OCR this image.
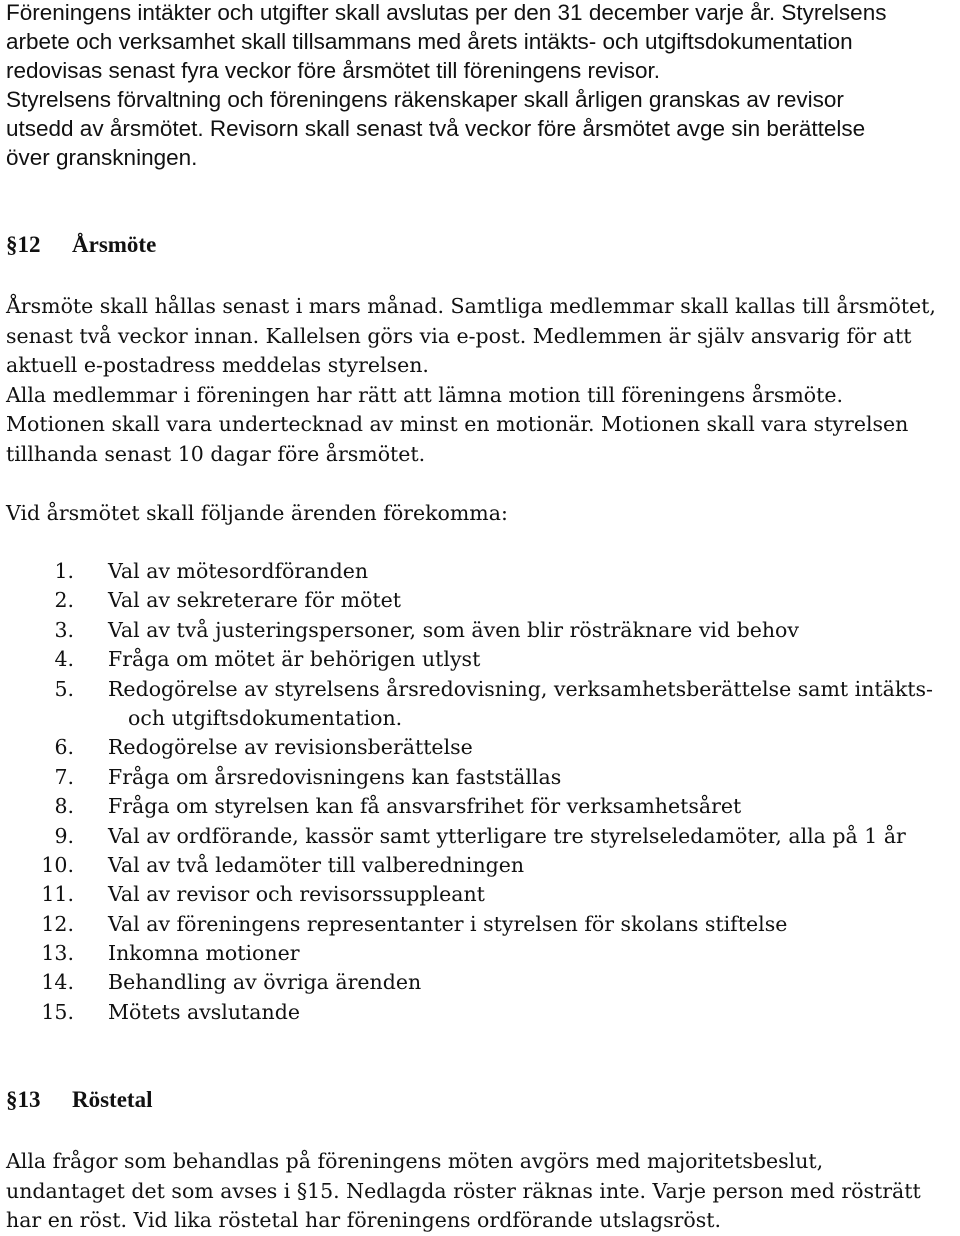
Föreningens intäkter och utgifter skall avslutas per den 31 december varje år. Styrelsens
arbete och verksamhet skall tillsammans med årets intäkts- och utgiftsdokumentation
redovisas senast fyra veckor före årsmötet till föreningens revisor.
Styrelsens förvaltning och föreningens räkenskaper skall årligen granskas av revisor
utsedd av årsmötet. Revisorn skall senast två veckor före årsmötet avge sin berättelse
över granskningen.
§12 Årsmöte
Årsmöte skall hållas senast i mars månad. Samtliga medlemmar skall kallas till årsmötet,
senast två veckor innan. Kallelsen görs via e-post. Medlemmen är själv ansvarig för att
aktuell e-postadress meddelas styrelsen.
Alla medlemmar i föreningen har rätt att lämna motion till föreningens årsmöte.
Motionen skall vara undertecknad av minst en motionär. Motionen skall vara styrelsen
tillhanda senast 10 dagar före årsmötet.
Vid årsmötet skall följande ärenden förekomma:
1. Val av mötesordföranden
2. Val av sekreterare för mötet
3. Val av två justeringspersoner, som även blir rösträknare vid behov
4. Fråga om mötet är behörigen utlyst
5. Redogörelse av styrelsens årsredovisning, verksamhetsberättelse samt intäkts-
och utgiftsdokumentation.
6. Redogörelse av revisionsberättelse
7. Fråga om årsredovisningens kan fastställas
8. Fråga om styrelsen kan få ansvarsfrihet för verksamhetsåret
9. Val av ordförande, kassör samt ytterligare tre styrelseledamöter, alla på 1 år
10. Val av två ledamöter till valberedningen
11. Val av revisor och revisorssuppleant
12. Val av föreningens representanter i styrelsen för skolans stiftelse
13. Inkomna motioner
14. Behandling av övriga ärenden
15. Mötets avslutande
§13 Röstetal
Alla frågor som behandlas på föreningens möten avgörs med majoritetsbeslut,
undantaget det som avses i §15. Nedlagda röster räknas inte. Varje person med rösträtt
har en röst. Vid lika röstetal har föreningens ordförande utslagsröst.
